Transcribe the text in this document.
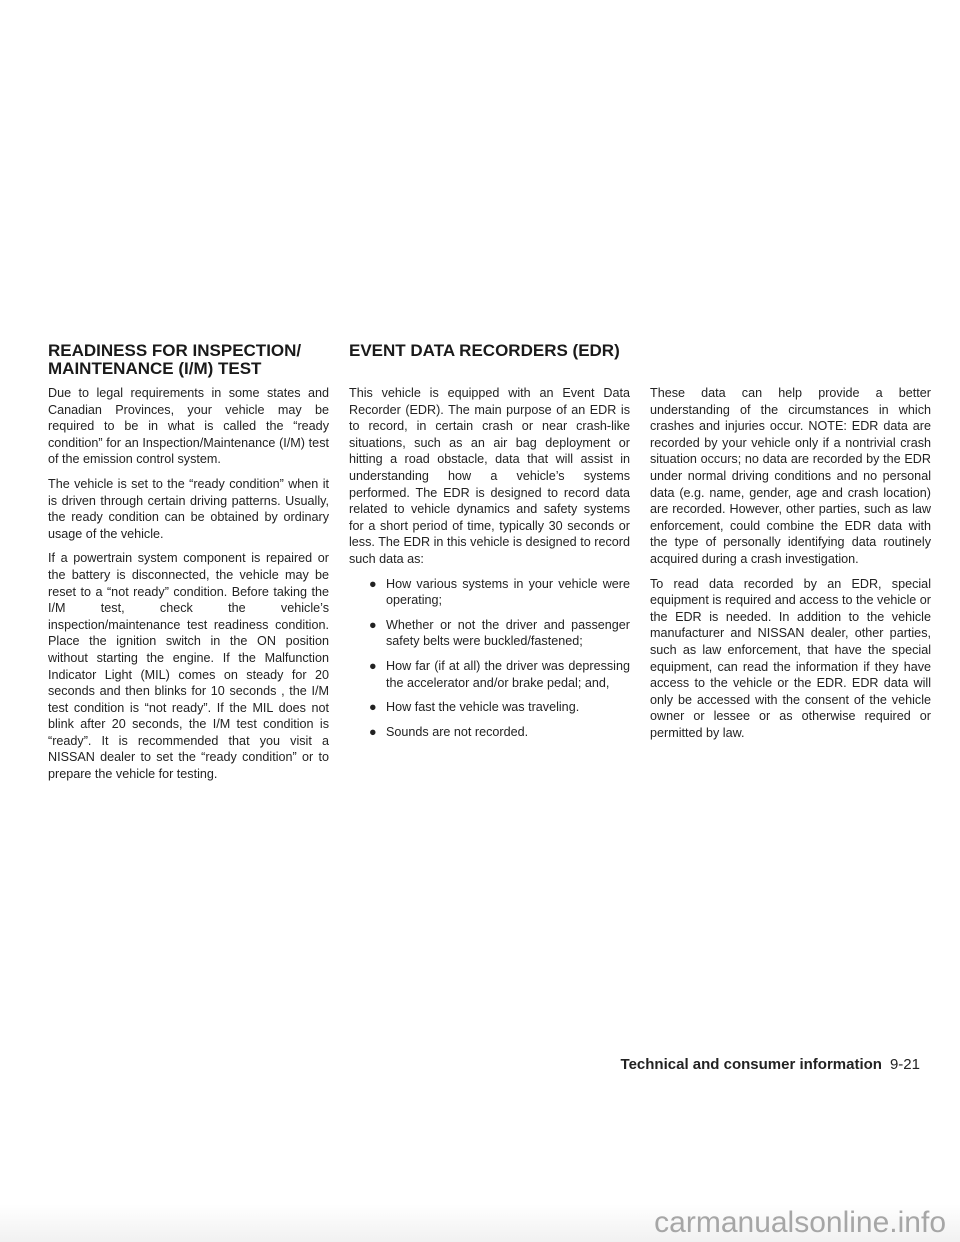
READINESS FOR INSPECTION/
MAINTENANCE (I/M) TEST
EVENT DATA RECORDERS (EDR)

Due to legal requirements in some states and Canadian Provinces, your vehicle may be required to be in what is called the “ready condition” for an Inspection/Maintenance (I/M) test of the emission control system.

The vehicle is set to the “ready condition” when it is driven through certain driving patterns. Usually, the ready condition can be obtained by ordinary usage of the vehicle.

If a powertrain system component is repaired or the battery is disconnected, the vehicle may be reset to a “not ready” condition. Before taking the I/M test, check the vehicle’s inspection/maintenance test readiness condition. Place the ignition switch in the ON position without starting the engine. If the Malfunction Indicator Light (MIL) comes on steady for 20 seconds and then blinks for 10 seconds , the I/M test condition is “not ready”. If the MIL does not blink after 20 seconds, the I/M test condition is “ready”. It is recommended that you visit a NISSAN dealer to set the “ready condition” or to prepare the vehicle for testing.

This vehicle is equipped with an Event Data Recorder (EDR). The main purpose of an EDR is to record, in certain crash or near crash-like situations, such as an air bag deployment or hitting a road obstacle, data that will assist in understanding how a vehicle’s systems performed. The EDR is designed to record data related to vehicle dynamics and safety systems for a short period of time, typically 30 seconds or less. The EDR in this vehicle is designed to record such data as:

● How various systems in your vehicle were operating;
● Whether or not the driver and passenger safety belts were buckled/fastened;
● How far (if at all) the driver was depressing the accelerator and/or brake pedal; and,
● How fast the vehicle was traveling.
● Sounds are not recorded.

These data can help provide a better understanding of the circumstances in which crashes and injuries occur. NOTE: EDR data are recorded by your vehicle only if a nontrivial crash situation occurs; no data are recorded by the EDR under normal driving conditions and no personal data (e.g. name, gender, age and crash location) are recorded. However, other parties, such as law enforcement, could combine the EDR data with the type of personally identifying data routinely acquired during a crash investigation.

To read data recorded by an EDR, special equipment is required and access to the vehicle or the EDR is needed. In addition to the vehicle manufacturer and NISSAN dealer, other parties, such as law enforcement, that have the special equipment, can read the information if they have access to the vehicle or the EDR. EDR data will only be accessed with the consent of the vehicle owner or lessee or as otherwise required or permitted by law.

Technical and consumer information 9-21
carmanualsonline.info
